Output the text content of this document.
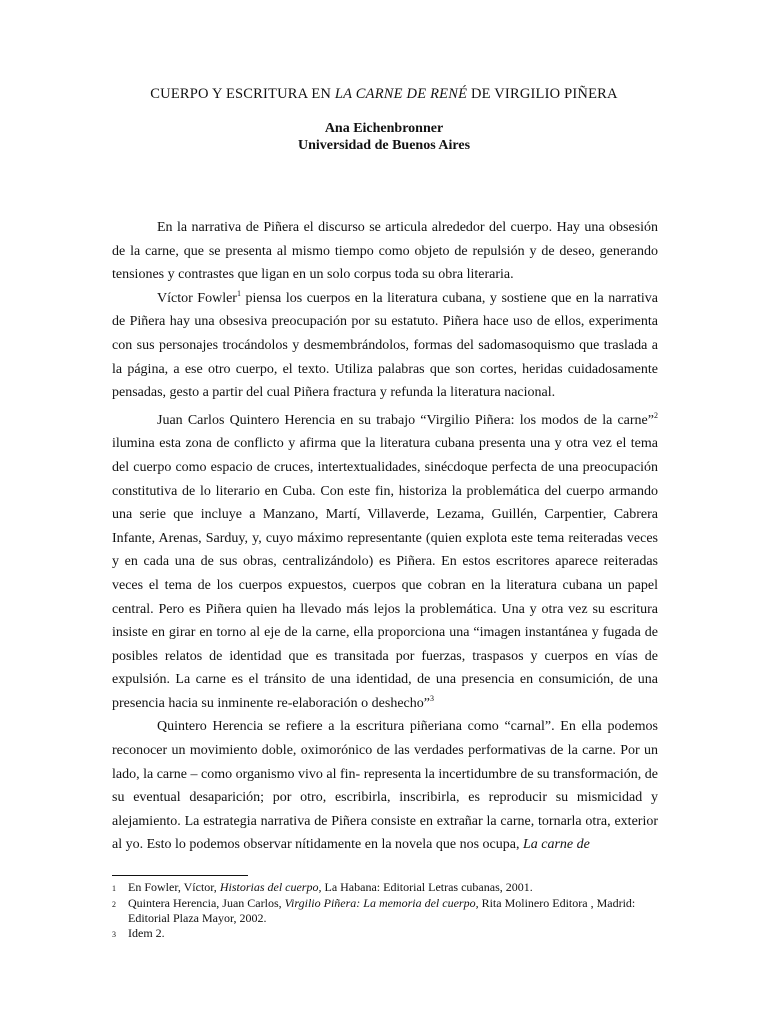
CUERPO Y ESCRITURA EN LA CARNE DE RENÉ DE VIRGILIO PIÑERA
Ana Eichenbronner
Universidad de Buenos Aires

En la narrativa de Piñera el discurso se articula alrededor del cuerpo. Hay una obsesión de la carne, que se presenta al mismo tiempo como objeto de repulsión y de deseo, generando tensiones y contrastes que ligan en un solo corpus toda su obra literaria.

Víctor Fowler$^1$ piensa los cuerpos en la literatura cubana, y sostiene que en la narrativa de Piñera hay una obsesiva preocupación por su estatuto. Piñera hace uso de ellos, experimenta con sus personajes trocándolos y desmembrándolos, formas del sadomasoquismo que traslada a la página, a ese otro cuerpo, el texto. Utiliza palabras que son cortes, heridas cuidadosamente pensadas, gesto a partir del cual Piñera fractura y refunda la literatura nacional.

Juan Carlos Quintero Herencia en su trabajo “Virgilio Piñera: los modos de la carne”$^2$ ilumina esta zona de conflicto y afirma que la literatura cubana presenta una y otra vez el tema del cuerpo como espacio de cruces, intertextualidades, sinécdoque perfecta de una preocupación constitutiva de lo literario en Cuba. Con este fin, historiza la problemática del cuerpo armando una serie que incluye a Manzano, Martí, Villaverde, Lezama, Guillén, Carpentier, Cabrera Infante, Arenas, Sarduy, y, cuyo máximo representante (quien explota este tema reiteradas veces y en cada una de sus obras, centralizándolo) es Piñera. En estos escritores aparece reiteradas veces el tema de los cuerpos expuestos, cuerpos que cobran en la literatura cubana un papel central. Pero es Piñera quien ha llevado más lejos la problemática. Una y otra vez su escritura insiste en girar en torno al eje de la carne, ella proporciona una “imagen instantánea y fugada de posibles relatos de identidad que es transitada por fuerzas, traspasos y cuerpos en vías de expulsión. La carne es el tránsito de una identidad, de una presencia en consumición, de una presencia hacia su inminente re-elaboración o deshecho”$^3$

Quintero Herencia se refiere a la escritura piñeriana como “carnal”. En ella podemos reconocer un movimiento doble, oximorónico de las verdades performativas de la carne. Por un lado, la carne – como organismo vivo al fin- representa la incertidumbre de su transformación, de su eventual desaparición; por otro, escribirla, inscribirla, es reproducir su mismicidad y alejamiento. La estrategia narrativa de Piñera consiste en extrañar la carne, tornarla otra, exterior al yo. Esto lo podemos observar nítidamente en la novela que nos ocupa, La carne de

1	En Fowler, Víctor, Historias del cuerpo, La Habana: Editorial Letras cubanas, 2001.
2	Quintera Herencia, Juan Carlos, Virgilio Piñera: La memoria del cuerpo, Rita Molinero Editora , Madrid: Editorial Plaza Mayor, 2002.
3	Idem 2.
